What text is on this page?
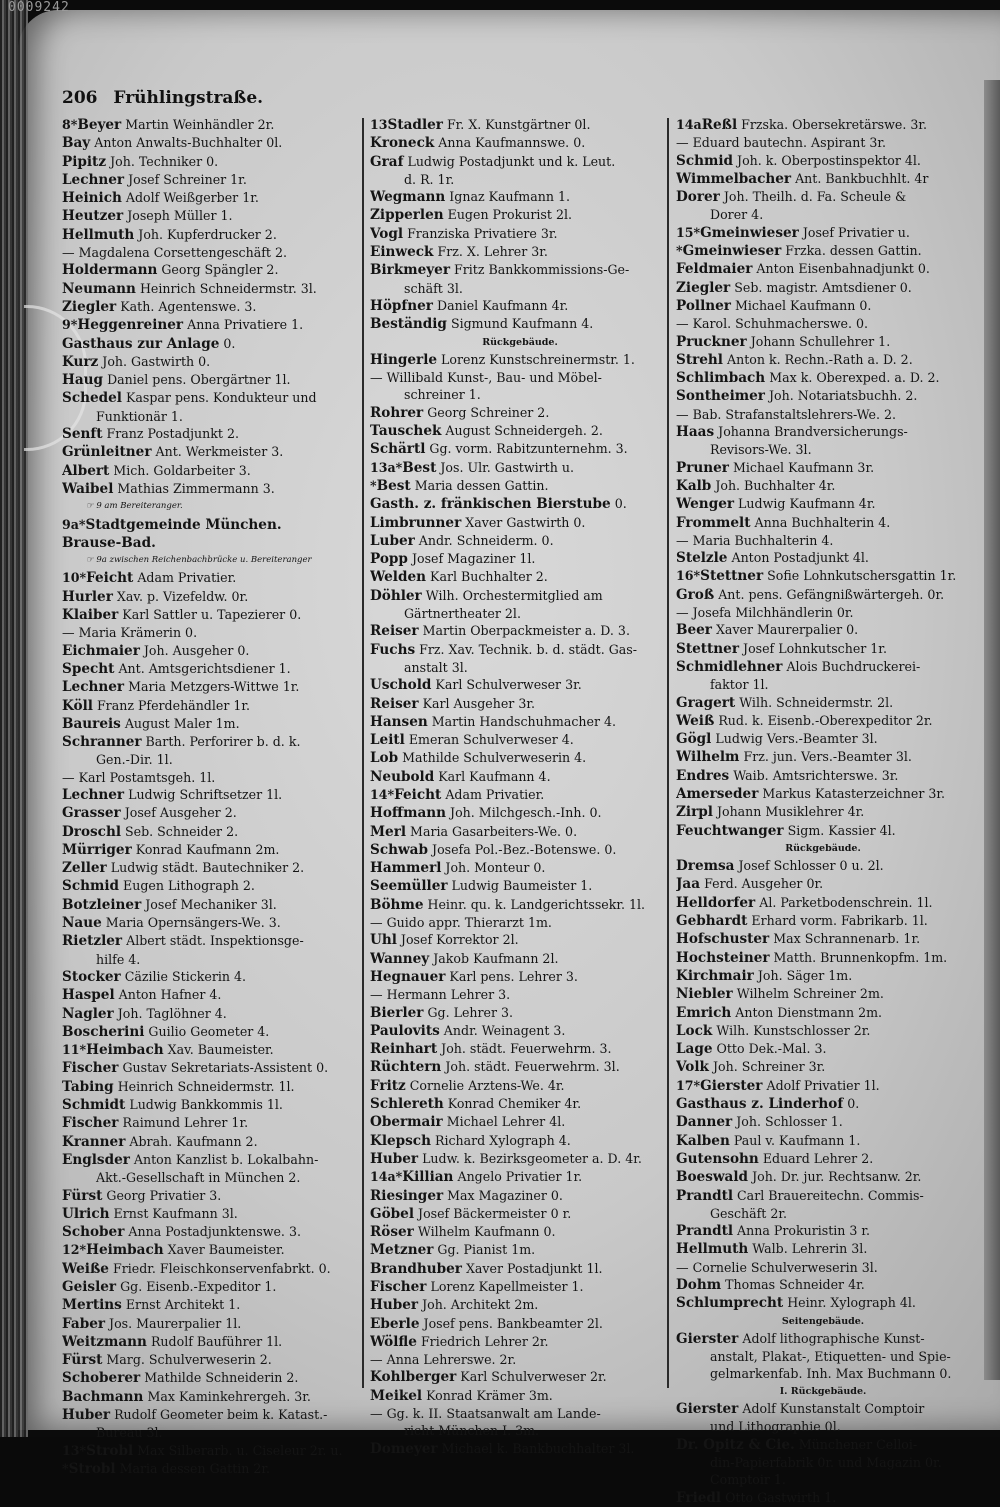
0009242
206 Frühlingstraße.
8*Beyer Martin Weinhändler 2r.
Bay Anton Anwalts-Buchhalter 0l.
Pipitz Joh. Techniker 0.
Lechner Josef Schreiner 1r.
Heinich Adolf Weißgerber 1r.
Heutzer Joseph Müller 1.
Hellmuth Joh. Kupferdrucker 2.
— Magdalena Corsettengeschäft 2.
Holdermann Georg Spängler 2.
Neumann Heinrich Schneidermstr. 3l.
Ziegler Kath. Agentenswe. 3.
9*Heggenreiner Anna Privatiere 1.
Gasthaus zur Anlage 0.
Kurz Joh. Gastwirth 0.
Haug Daniel pens. Obergärtner 1l.
Schedel Kaspar pens. Kondukteur und
Funktionär 1.
Senft Franz Postadjunkt 2.
Grünleitner Ant. Werkmeister 3.
Albert Mich. Goldarbeiter 3.
Waibel Mathias Zimmermann 3.
☞ 9 am Bereiteranger.
9a*Stadtgemeinde München.
Brause-Bad.
☞ 9a zwischen Reichenbachbrücke u. Bereiteranger
10*Feicht Adam Privatier.
Hurler Xav. p. Vizefeldw. 0r.
Klaiber Karl Sattler u. Tapezierer 0.
— Maria Krämerin 0.
Eichmaier Joh. Ausgeher 0.
Specht Ant. Amtsgerichtsdiener 1.
Lechner Maria Metzgers-Wittwe 1r.
Köll Franz Pferdehändler 1r.
Baureis August Maler 1m.
Schranner Barth. Perforirer b. d. k.
Gen.-Dir. 1l.
— Karl Postamtsgeh. 1l.
Lechner Ludwig Schriftsetzer 1l.
Grasser Josef Ausgeher 2.
Droschl Seb. Schneider 2.
Mürriger Konrad Kaufmann 2m.
Zeller Ludwig städt. Bautechniker 2.
Schmid Eugen Lithograph 2.
Botzleiner Josef Mechaniker 3l.
Naue Maria Opernsängers-We. 3.
Rietzler Albert städt. Inspektionsge-
hilfe 4.
Stocker Cäzilie Stickerin 4.
Haspel Anton Hafner 4.
Nagler Joh. Taglöhner 4.
Boscherini Guilio Geometer 4.
11*Heimbach Xav. Baumeister.
Fischer Gustav Sekretariats-Assistent 0.
Tabing Heinrich Schneidermstr. 1l.
Schmidt Ludwig Bankkommis 1l.
Fischer Raimund Lehrer 1r.
Kranner Abrah. Kaufmann 2.
Englsder Anton Kanzlist b. Lokalbahn-
Akt.-Gesellschaft in München 2.
Fürst Georg Privatier 3.
Ulrich Ernst Kaufmann 3l.
Schober Anna Postadjunktenswe. 3.
12*Heimbach Xaver Baumeister.
Weiße Friedr. Fleischkonservenfabrkt. 0.
Geisler Gg. Eisenb.-Expeditor 1.
Mertins Ernst Architekt 1.
Faber Jos. Maurerpalier 1l.
Weitzmann Rudolf Bauführer 1l.
Fürst Marg. Schulverweserin 2.
Schoberer Mathilde Schneiderin 2.
Bachmann Max Kaminkehrergeh. 3r.
Huber Rudolf Geometer beim k. Katast.-
Bureau 3l.
13*Strobl Max Silberarb. u. Ciseleur 2r. u.
*Strobl Maria dessen Gattin 2r.
13Stadler Fr. X. Kunstgärtner 0l.
Kroneck Anna Kaufmannswe. 0.
Graf Ludwig Postadjunkt und k. Leut.
d. R. 1r.
Wegmann Ignaz Kaufmann 1.
Zipperlen Eugen Prokurist 2l.
Vogl Franziska Privatiere 3r.
Einweck Frz. X. Lehrer 3r.
Birkmeyer Fritz Bankkommissions-Ge-
schäft 3l.
Höpfner Daniel Kaufmann 4r.
Beständig Sigmund Kaufmann 4.
Rückgebäude.
Hingerle Lorenz Kunstschreinermstr. 1.
— Willibald Kunst-, Bau- und Möbel-
schreiner 1.
Rohrer Georg Schreiner 2.
Tauschek August Schneidergeh. 2.
Schärtl Gg. vorm. Rabitzunternehm. 3.
13a*Best Jos. Ulr. Gastwirth u.
*Best Maria dessen Gattin.
Gasth. z. fränkischen Bierstube 0.
Limbrunner Xaver Gastwirth 0.
Luber Andr. Schneiderm. 0.
Popp Josef Magaziner 1l.
Welden Karl Buchhalter 2.
Döhler Wilh. Orchestermitglied am
Gärtnertheater 2l.
Reiser Martin Oberpackmeister a. D. 3.
Fuchs Frz. Xav. Technik. b. d. städt. Gas-
anstalt 3l.
Uschold Karl Schulverweser 3r.
Reiser Karl Ausgeher 3r.
Hansen Martin Handschuhmacher 4.
Leitl Emeran Schulverweser 4.
Lob Mathilde Schulverweserin 4.
Neubold Karl Kaufmann 4.
14*Feicht Adam Privatier.
Hoffmann Joh. Milchgesch.-Inh. 0.
Merl Maria Gasarbeiters-We. 0.
Schwab Josefa Pol.-Bez.-Botenswe. 0.
Hammerl Joh. Monteur 0.
Seemüller Ludwig Baumeister 1.
Böhme Heinr. qu. k. Landgerichtssekr. 1l.
— Guido appr. Thierarzt 1m.
Uhl Josef Korrektor 2l.
Wanney Jakob Kaufmann 2l.
Hegnauer Karl pens. Lehrer 3.
— Hermann Lehrer 3.
Bierler Gg. Lehrer 3.
Paulovits Andr. Weinagent 3.
Reinhart Joh. städt. Feuerwehrm. 3.
Rüchtern Joh. städt. Feuerwehrm. 3l.
Fritz Cornelie Arztens-We. 4r.
Schlereth Konrad Chemiker 4r.
Obermair Michael Lehrer 4l.
Klepsch Richard Xylograph 4.
Huber Ludw. k. Bezirksgeometer a. D. 4r.
14a*Killian Angelo Privatier 1r.
Riesinger Max Magaziner 0.
Göbel Josef Bäckermeister 0 r.
Röser Wilhelm Kaufmann 0.
Metzner Gg. Pianist 1m.
Brandhuber Xaver Postadjunkt 1l.
Fischer Lorenz Kapellmeister 1.
Huber Joh. Architekt 2m.
Eberle Josef pens. Bankbeamter 2l.
Wölfle Friedrich Lehrer 2r.
— Anna Lehrerswe. 2r.
Kohlberger Karl Schulverweser 2r.
Meikel Konrad Krämer 3m.
— Gg. k. II. Staatsanwalt am Lande-
richt München I. 3m.
Domeyer Michael k. Bankbuchhalter 3l.
14aReßl Frzska. Obersekretärswe. 3r.
— Eduard bautechn. Aspirant 3r.
Schmid Joh. k. Oberpostinspektor 4l.
Wimmelbacher Ant. Bankbuchhlt. 4r
Dorer Joh. Theilh. d. Fa. Scheule &
Dorer 4.
15*Gmeinwieser Josef Privatier u.
*Gmeinwieser Frzka. dessen Gattin.
Feldmaier Anton Eisenbahnadjunkt 0.
Ziegler Seb. magistr. Amtsdiener 0.
Pollner Michael Kaufmann 0.
— Karol. Schuhmacherswe. 0.
Pruckner Johann Schullehrer 1.
Strehl Anton k. Rechn.-Rath a. D. 2.
Schlimbach Max k. Oberexped. a. D. 2.
Sontheimer Joh. Notariatsbuchh. 2.
— Bab. Strafanstaltslehrers-We. 2.
Haas Johanna Brandversicherungs-
Revisors-We. 3l.
Pruner Michael Kaufmann 3r.
Kalb Joh. Buchhalter 4r.
Wenger Ludwig Kaufmann 4r.
Frommelt Anna Buchhalterin 4.
— Maria Buchhalterin 4.
Stelzle Anton Postadjunkt 4l.
16*Stettner Sofie Lohnkutschersgattin 1r.
Groß Ant. pens. Gefängnißwärtergeh. 0r.
— Josefa Milchhändlerin 0r.
Beer Xaver Maurerpalier 0.
Stettner Josef Lohnkutscher 1r.
Schmidlehner Alois Buchdruckerei-
faktor 1l.
Gragert Wilh. Schneidermstr. 2l.
Weiß Rud. k. Eisenb.-Oberexpeditor 2r.
Gögl Ludwig Vers.-Beamter 3l.
Wilhelm Frz. jun. Vers.-Beamter 3l.
Endres Waib. Amtsrichterswe. 3r.
Amerseder Markus Katasterzeichner 3r.
Zirpl Johann Musiklehrer 4r.
Feuchtwanger Sigm. Kassier 4l.
Rückgebäude.
Dremsa Josef Schlosser 0 u. 2l.
Jaa Ferd. Ausgeher 0r.
Helldorfer Al. Parketbodenschrein. 1l.
Gebhardt Erhard vorm. Fabrikarb. 1l.
Hofschuster Max Schrannenarb. 1r.
Hochsteiner Matth. Brunnenkopfm. 1m.
Kirchmair Joh. Säger 1m.
Niebler Wilhelm Schreiner 2m.
Emrich Anton Dienstmann 2m.
Lock Wilh. Kunstschlosser 2r.
Lage Otto Dek.-Mal. 3.
Volk Joh. Schreiner 3r.
17*Gierster Adolf Privatier 1l.
Gasthaus z. Linderhof 0.
Danner Joh. Schlosser 1.
Kalben Paul v. Kaufmann 1.
Gutensohn Eduard Lehrer 2.
Boeswald Joh. Dr. jur. Rechtsanw. 2r.
Prandtl Carl Brauereitechn. Commis-
Geschäft 2r.
Prandtl Anna Prokuristin 3 r.
Hellmuth Walb. Lehrerin 3l.
— Cornelie Schulverweserin 3l.
Dohm Thomas Schneider 4r.
Schlumprecht Heinr. Xylograph 4l.
Seitengebäude.
Gierster Adolf lithographische Kunst-
anstalt, Plakat-, Etiquetten- und Spie-
gelmarkenfab. Inh. Max Buchmann 0.
I. Rückgebäude.
Gierster Adolf Kunstanstalt Comptoir
und Lithographie 0l.
Dr. Opitz & Cie. Münchener Celloi-
din-Papierfabrik 0r. und Magazin 0r.
Comptoir 1.
Friedl Otto Gastwirth 1.
